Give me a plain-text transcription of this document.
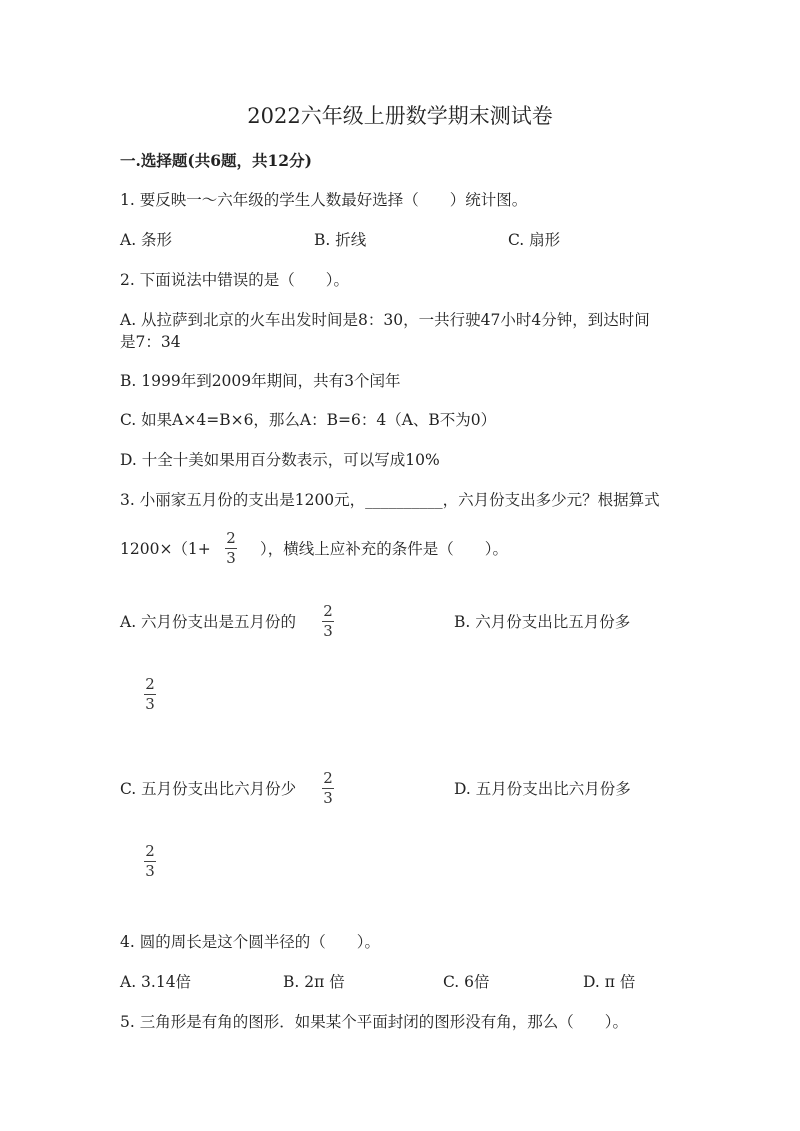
2022六年级上册数学期末测试卷
一.选择题(共6题，共12分)
1. 要反映一～六年级的学生人数最好选择（　　）统计图。
A. 条形	B. 折线	C. 扇形
2. 下面说法中错误的是（　　）。
A. 从拉萨到北京的火车出发时间是8：30，一共行驶47小时4分钟，到达时间
是7：34
B. 1999年到2009年期间，共有3个闰年
C. 如果A×4=B×6，那么A：B=6：4（A、B不为0）
D. 十全十美如果用百分数表示，可以写成10%
3. 小丽家五月份的支出是1200元，__________，六月份支出多少元？根据算式
1200×（1+
2
3 ），横线上应补充的条件是（　　）。
A. 六月份支出是五月份的
2
3	B. 六月份支出比五月份多
2
3
C. 五月份支出比六月份少
2
3	D. 五月份支出比六月份多
2
3
4. 圆的周长是这个圆半径的（　　）。
A. 3.14倍	B. 2π 倍	C. 6倍	D. π 倍
5. 三角形是有角的图形．如果某个平面封闭的图形没有角，那么（　　）。
